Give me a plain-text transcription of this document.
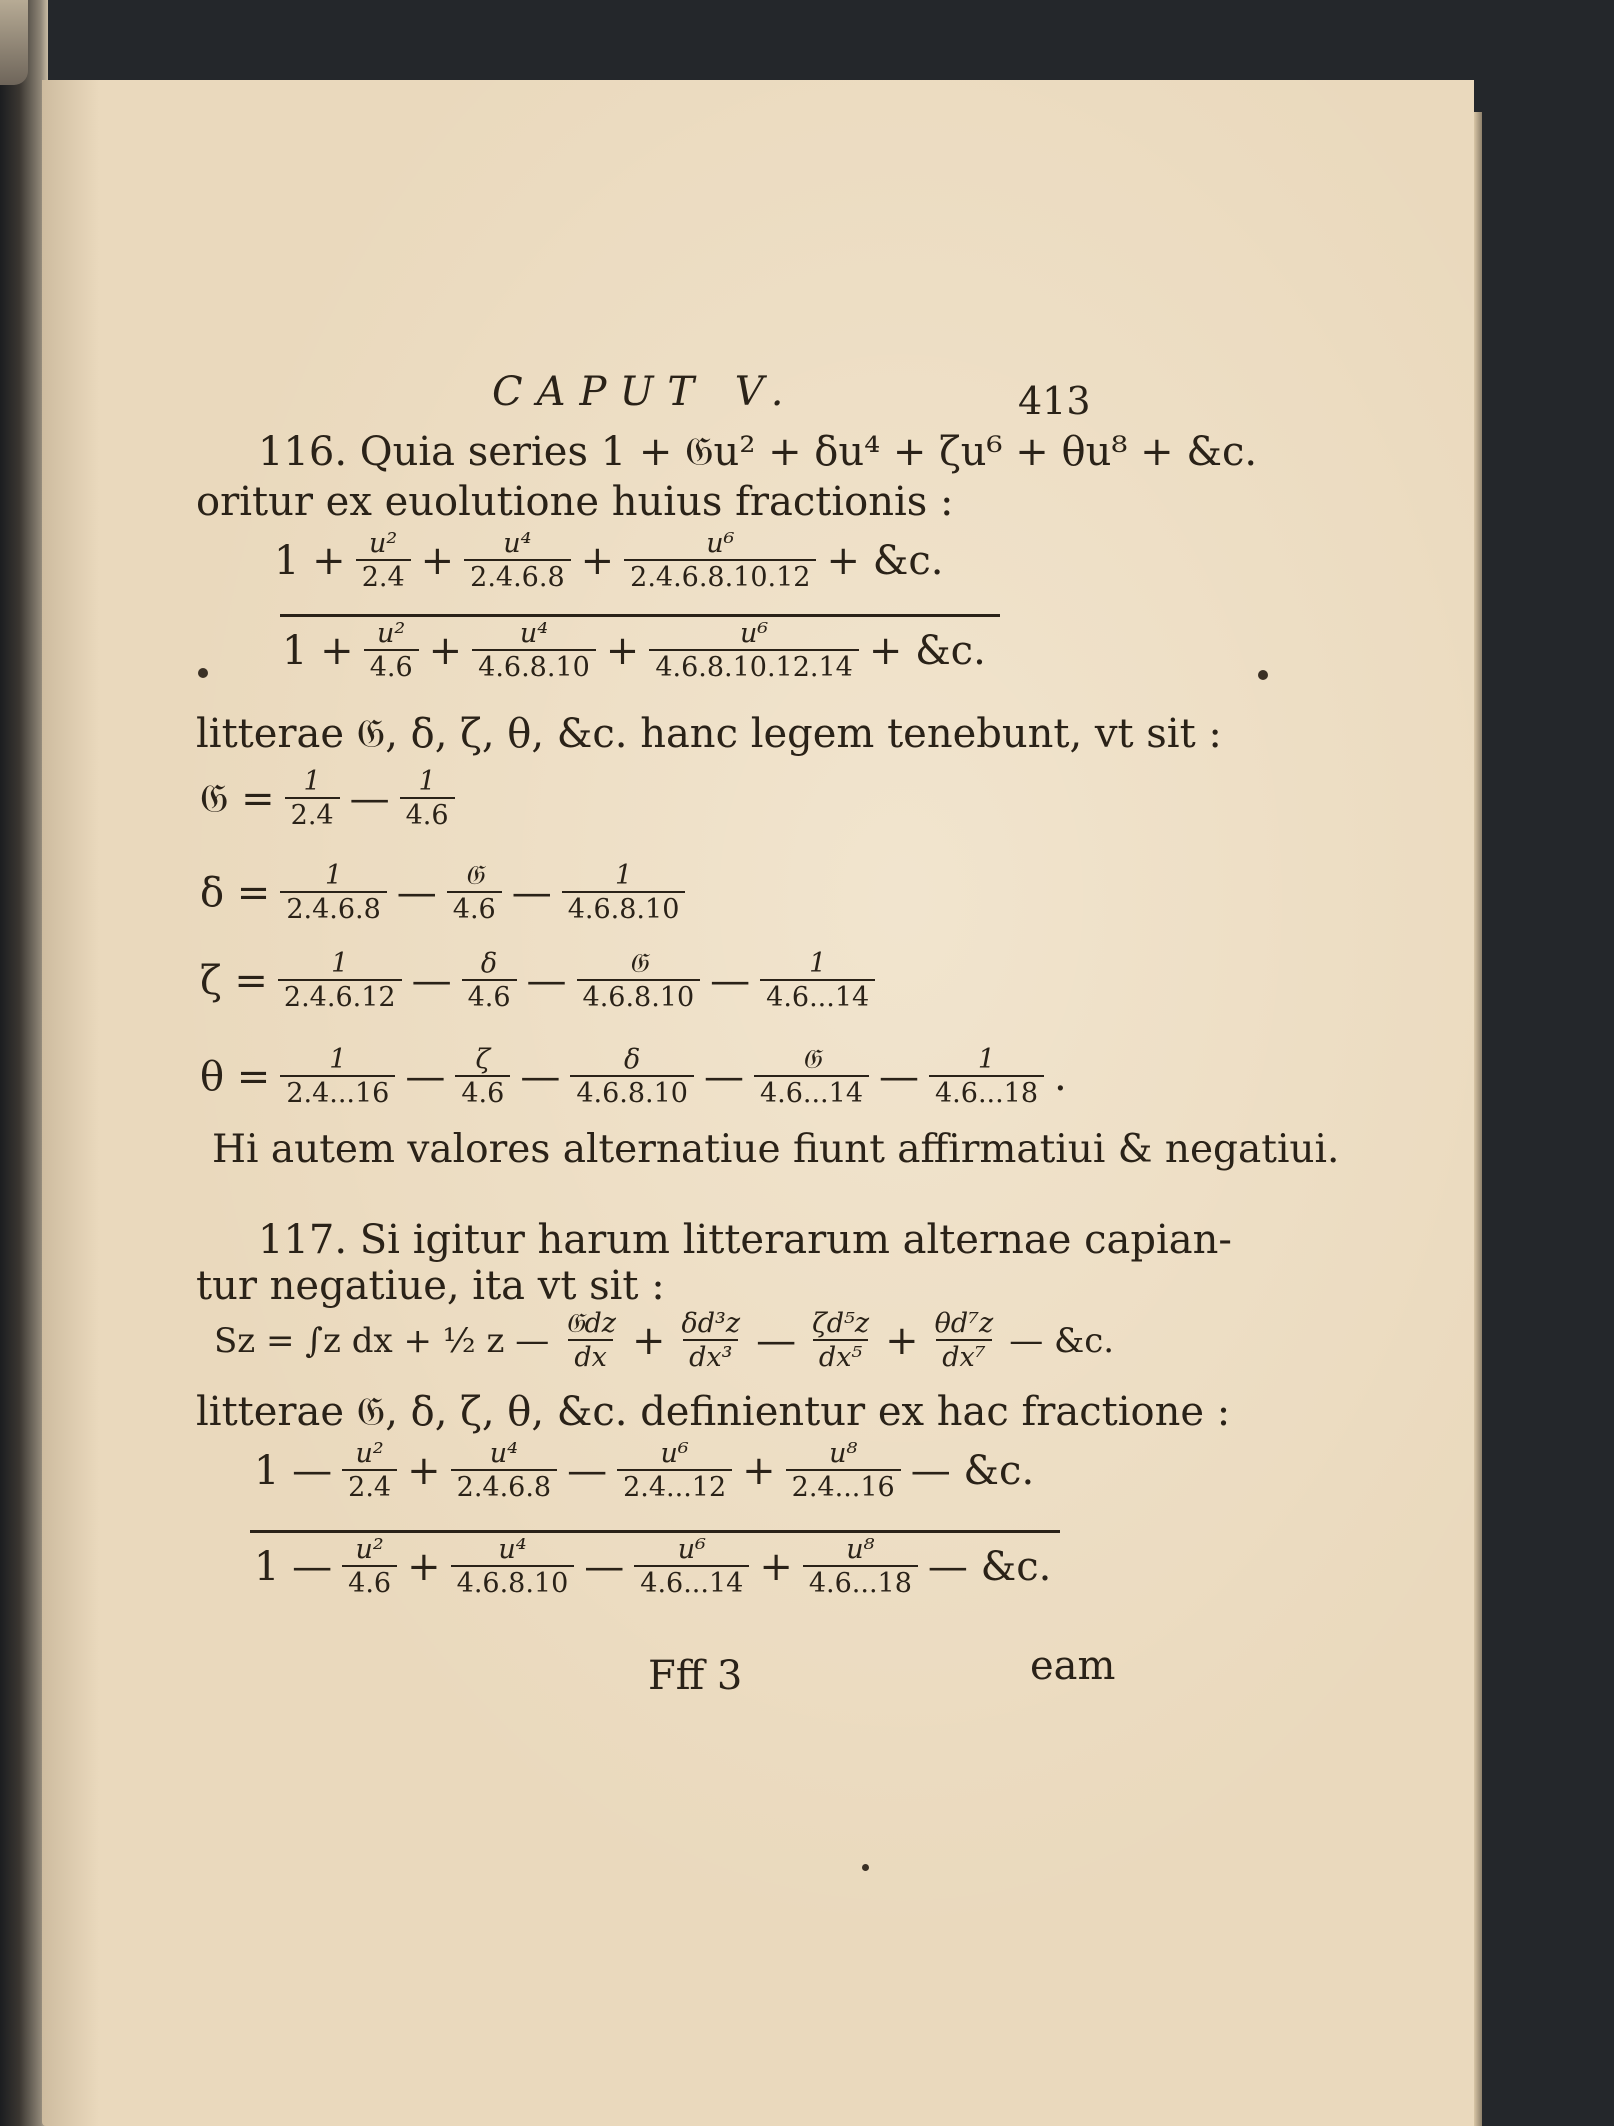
CAPUT V.	413
116. Quia series 1 + 𝔊u² + δu⁴ + ζu⁶ + θu⁸ + &c.
oritur ex euolutione huius fractionis :
$1 + \frac{\text{u²}}{2.4} + \frac{\text{u⁴}}{2.4.6.8} + \frac{\text{u⁶}}{2.4.6.8.10.12}$ + &c.
$1 + \frac{\text{u²}}{4.6} + \frac{\text{u⁴}}{4.6.8.10} + \frac{\text{u⁶}}{4.6.8.10.12.14}$ + &c.
litterae 𝔊, δ, ζ, θ, &c. hanc legem tenebunt, vt sit :
𝔊 = $\frac{1}{2.4}$ — $\frac{1}{4.6}$
$\delta = \frac{1}{2.4.6.8}$ — $\frac{\text{𝔊}}{4.6}$ — $\frac{1}{4.6.8.10}$
$\zeta = \frac{1}{2.4.6.12}$ — $\frac{\delta}{4.6}$ — $\frac{\text{𝔊}}{4.6.8.10}$ — $\frac{1}{4.6...14}$
$\theta = \frac{1}{2.4...16}$ — $\frac{\zeta}{4.6}$ — $\frac{\delta}{4.6.8.10}$ — $\frac{\text{𝔊}}{4.6...14}$ — $\frac{1}{4.6...18}$ .
Hi autem valores alternatiue fiunt affirmatiui & negatiui.
117. Si igitur harum litterarum alternae capian-
tur negatiue, ita vt sit :
Sz = ∫z dx + ½ z — $\frac{\text{𝔊dz}}{dx} + \frac{\text{δd³z}}{\text{dx³}}$ — $\frac{\text{ζd⁵z}}{\text{dx⁵}} + \frac{\text{θd⁷z}}{\text{dx⁷}}$ — &c.
litterae 𝔊, δ, ζ, θ, &c. definientur ex hac fractione :
1 — $\frac{\text{u²}}{2.4} + \frac{\text{u⁴}}{2.4.6.8}$ — $\frac{\text{u⁶}}{2.4...12} + \frac{\text{u⁸}}{2.4...16}$ — &c.
1 — $\frac{\text{u²}}{4.6} + \frac{\text{u⁴}}{4.6.8.10}$ — $\frac{\text{u⁶}}{4.6...14} + \frac{\text{u⁸}}{4.6...18}$ — &c.
Fff 3	eam
